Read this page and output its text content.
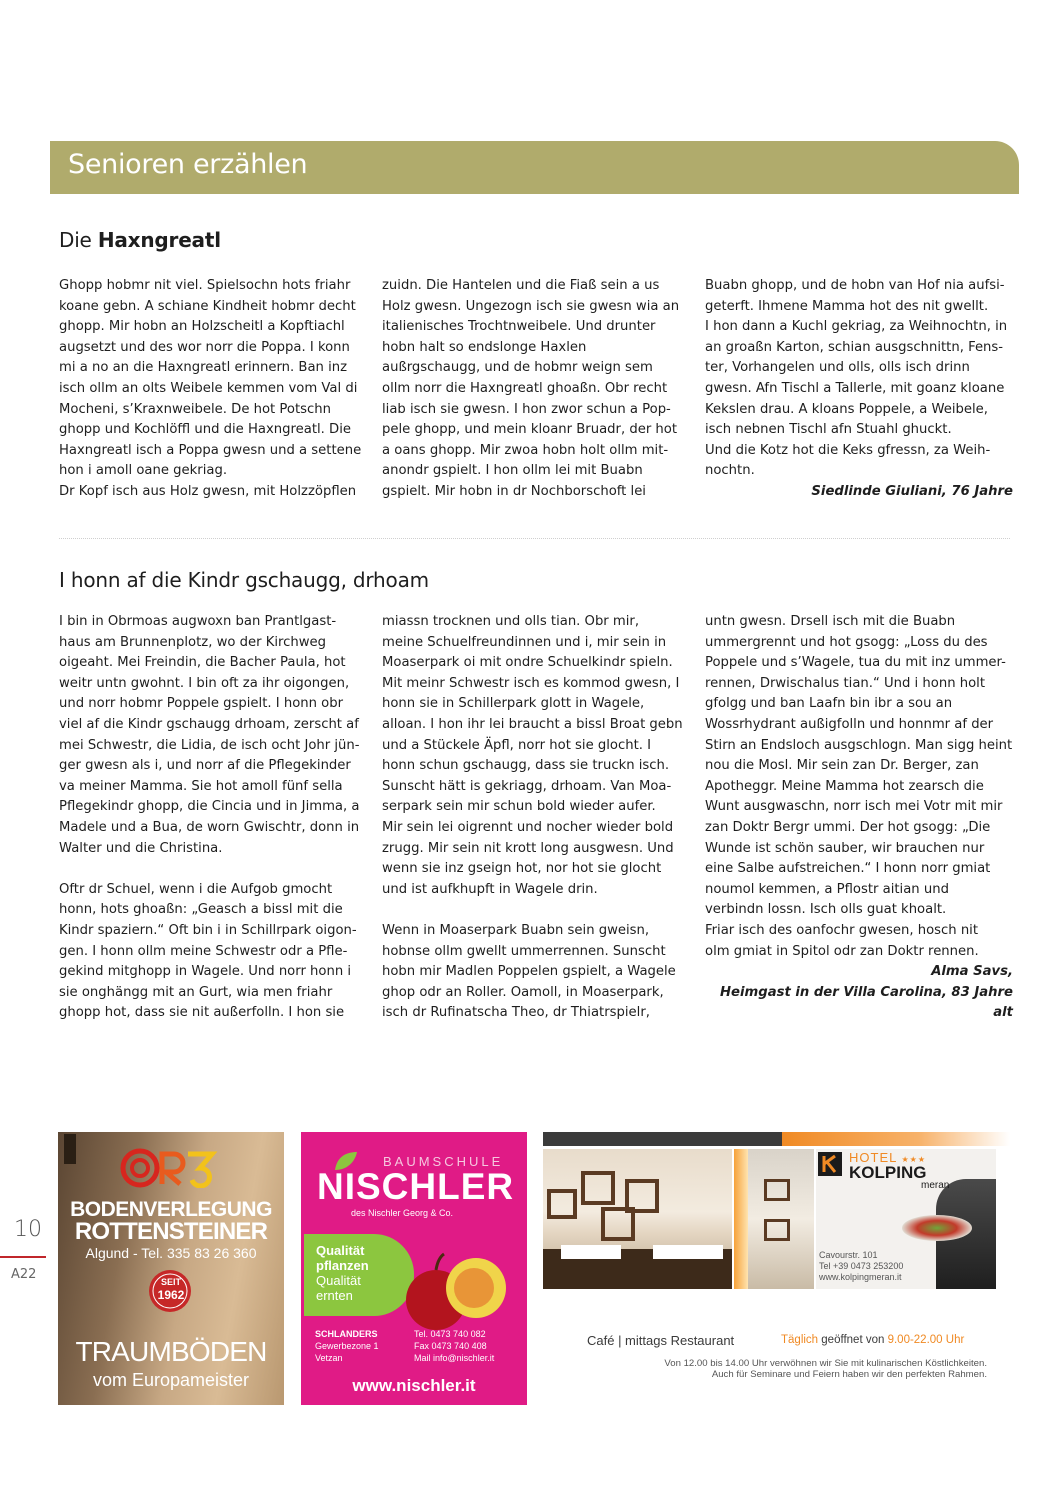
Senioren erzählen
Die Haxngreatl

Ghopp hobmr nit viel. Spielsochn hots friahr
koane gebn. A schiane Kindheit hobmr decht
ghopp. Mir hobn an Holzscheitl a Kopftiachl
augsetzt und des wor norr die Poppa. I konn
mi a no an die Haxngreatl erinnern. Ban inz
isch ollm an olts Weibele kemmen vom Val di
Mocheni, s’Kraxnweibele. De hot Potschn
ghopp und Kochlöffl und die Haxngreatl. Die
Haxngreatl isch a Poppa gwesn und a settene
hon i amoll oane gekriag.
Dr Kopf isch aus Holz gwesn, mit Holzzöpflen

zuidn. Die Hantelen und die Fiaß sein a us
Holz gwesn. Ungezogn isch sie gwesn wia an
italienisches Trochtnweibele. Und drunter
hobn halt so endslonge Haxlen
außrgschaugg, und de hobmr weign sem
ollm norr die Haxngreatl ghoaßn. Obr recht
liab isch sie gwesn. I hon zwor schun a Pop-
pele ghopp, und mein kloanr Bruadr, der hot
a oans ghopp. Mir zwoa hobn holt ollm mit-
anondr gspielt. I hon ollm lei mit Buabn
gspielt. Mir hobn in dr Nochborschoft lei

Buabn ghopp, und de hobn van Hof nia aufsi-
geterft. Ihmene Mamma hot des nit gwellt.
I hon dann a Kuchl gekriag, za Weihnochtn, in
an groaßn Karton, schian ausgschnittn, Fens-
ter, Vorhangelen und olls, olls isch drinn
gwesn. Afn Tischl a Tallerle, mit goanz kloane
Kekslen drau. A kloans Poppele, a Weibele,
isch nebnen Tischl afn Stuahl ghuckt.
Und die Kotz hot die Keks gfressn, za Weih-
nochtn.

Siedlinde Giuliani, 76 Jahre
I honn af die Kindr gschaugg, drhoam

I bin in Obrmoas augwoxn ban Prantlgast-
haus am Brunnenplotz, wo der Kirchweg
oigeaht. Mei Freindin, die Bacher Paula, hot
weitr untn gwohnt. I bin oft za ihr oigongen,
und norr hobmr Poppele gspielt. I honn obr
viel af die Kindr gschaugg drhoam, zerscht af
mei Schwestr, die Lidia, de isch ocht Johr jün-
ger gwesn als i, und norr af die Pflegekinder
va meiner Mamma. Sie hot amoll fünf sella
Pflegekindr ghopp, die Cincia und in Jimma, a
Madele und a Bua, de worn Gwischtr, donn in
Walter und die Christina.

Oftr dr Schuel, wenn i die Aufgob gmocht
honn, hots ghoaßn: „Geasch a bissl mit die
Kindr spaziern.“ Oft bin i in Schillrpark oigon-
gen. I honn ollm meine Schwestr odr a Pfle-
gekind mitghopp in Wagele. Und norr honn i
sie onghängg mit an Gurt, wia men friahr
ghopp hot, dass sie nit außerfolln. I hon sie

miassn trocknen und olls tian. Obr mir,
meine Schuelfreundinnen und i, mir sein in
Moaserpark oi mit ondre Schuelkindr spieln.
Mit meinr Schwestr isch es kommod gwesn, I
honn sie in Schillerpark glott in Wagele,
alloan. I hon ihr lei braucht a bissl Broat gebn
und a Stückele Äpfl, norr hot sie glocht. I
honn schun gschaugg, dass sie truckn isch.
Sunscht hätt is gekriagg, drhoam. Van Moa-
serpark sein mir schun bold wieder aufer.
Mir sein lei oigrennt und nocher wieder bold
zrugg. Mir sein nit krott long ausgwesn. Und
wenn sie inz gseign hot, nor hot sie glocht
und ist aufkhupft in Wagele drin.

Wenn in Moaserpark Buabn sein gweisn,
hobnse ollm gwellt ummerrennen. Sunscht
hobn mir Madlen Poppelen gspielt, a Wagele
ghop odr an Roller. Oamoll, in Moaserpark,
isch dr Rufinatscha Theo, dr Thiatrspielr,

untn gwesn. Drsell isch mit die Buabn
ummergrennt und hot gsogg: „Loss du des
Poppele und s’Wagele, tua du mit inz ummer-
rennen, Drwischalus tian.“ Und i honn holt
gfolgg und ban Laafn bin ibr a sou an
Wossrhydrant außigfolln und honnmr af der
Stirn an Endsloch ausgschlogn. Man sigg heint
nou die Mosl. Mir sein zan Dr. Berger, zan
Apotheggr. Meine Mamma hot zearsch die
Wunt ausgwaschn, norr isch mei Votr mit mir
zan Doktr Bergr ummi. Der hot gsogg: „Die
Wunde ist schön sauber, wir brauchen nur
eine Salbe aufstreichen.“ I honn norr gmiat
noumol kemmen, a Pflostr aitian und
verbindn lossn. Isch olls guat khoalt.
Friar isch des oanfochr gwesen, hosch nit
olm gmiat in Spitol odr zan Doktr rennen.

Alma Savs,
Heimgast in der Villa Carolina, 83 Jahre alt
10
A22
BODENVERLEGUNG
ROTTENSTEINER
Algund - Tel. 335 83 26 360
SEIT
1962
TRAUMBÖDEN
vom Europameister
BAUMSCHULE
NISCHLER
des Nischler Georg & Co.
Qualität
pflanzen
Qualität
ernten
SCHLANDERS
Gewerbezone 1
Vetzan
Tel. 0473 740 082
Fax 0473 740 408
Mail info@nischler.it
www.nischler.it
HOTEL ★★★
KOLPING
meran
Cavourstr. 101
Tel +39 0473 253200
www.kolpingmeran.it
Café | mittags Restaurant	Täglich geöffnet von 9.00-22.00 Uhr
Von 12.00 bis 14.00 Uhr verwöhnen wir Sie mit kulinarischen Köstlichkeiten.
Auch für Seminare und Feiern haben wir den perfekten Rahmen.
